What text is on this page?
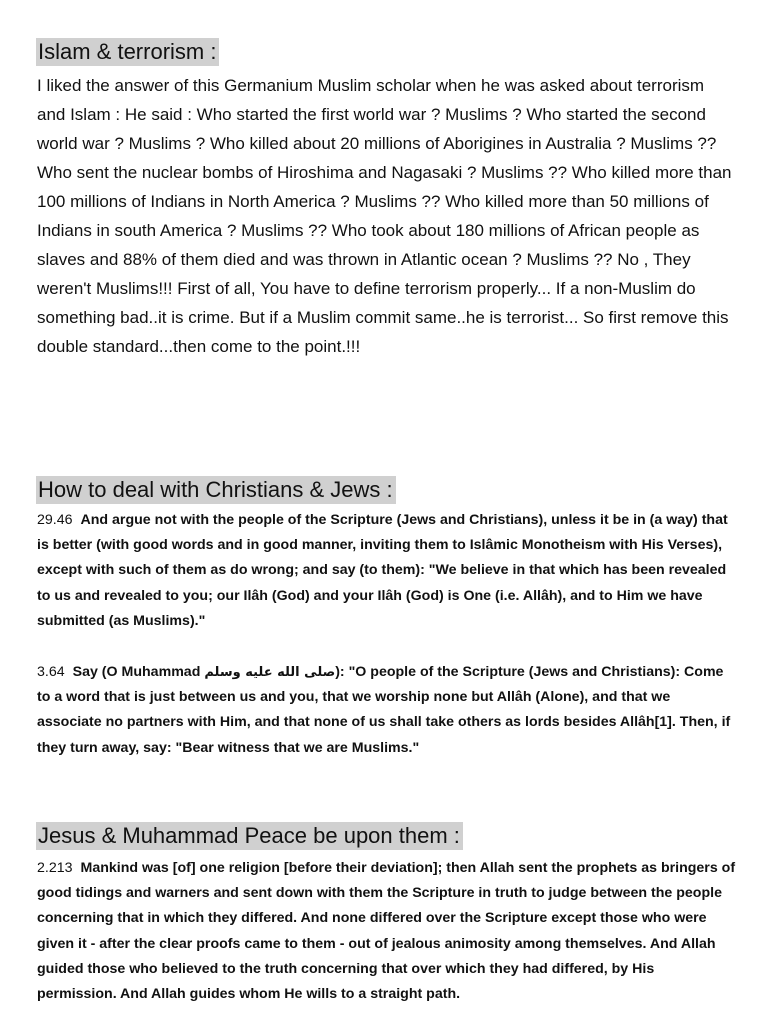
Islam & terrorism :

I liked the answer of this Germanium Muslim scholar when he was asked about terrorism and Islam : He said : Who started the first world war ? Muslims ? Who started the second world war ? Muslims ? Who killed about 20 millions of Aborigines in Australia ? Muslims ?? Who sent the nuclear bombs of Hiroshima and Nagasaki ? Muslims ?? Who killed more than 100 millions of Indians in North America ? Muslims ?? Who killed more than 50 millions of Indians in south America ? Muslims ?? Who took about 180 millions of African people as slaves and 88% of them died and was thrown in Atlantic ocean ? Muslims ?? No , They weren't Muslims!!! First of all, You have to define terrorism properly... If a non-Muslim do something bad..it is crime. But if a Muslim commit same..he is terrorist... So first remove this double standard...then come to the point.!!!

How to deal with Christians & Jews :

29.46 And argue not with the people of the Scripture (Jews and Christians), unless it be in (a way) that is better (with good words and in good manner, inviting them to Islâmic Monotheism with His Verses), except with such of them as do wrong; and say (to them): "We believe in that which has been revealed to us and revealed to you; our Ilâh (God) and your Ilâh (God) is One (i.e. Allâh), and to Him we have submitted (as Muslims)."

3.64 Say (O Muhammad صلى الله عليه وسلم): "O people of the Scripture (Jews and Christians): Come to a word that is just between us and you, that we worship none but Allâh (Alone), and that we associate no partners with Him, and that none of us shall take others as lords besides Allâh[1]. Then, if they turn away, say: "Bear witness that we are Muslims."

Jesus & Muhammad Peace be upon them :

2.213 Mankind was [of] one religion [before their deviation]; then Allah sent the prophets as bringers of good tidings and warners and sent down with them the Scripture in truth to judge between the people concerning that in which they differed. And none differed over the Scripture except those who were given it - after the clear proofs came to them - out of jealous animosity among themselves. And Allah guided those who believed to the truth concerning that over which they had differed, by His permission. And Allah guides whom He wills to a straight path.
